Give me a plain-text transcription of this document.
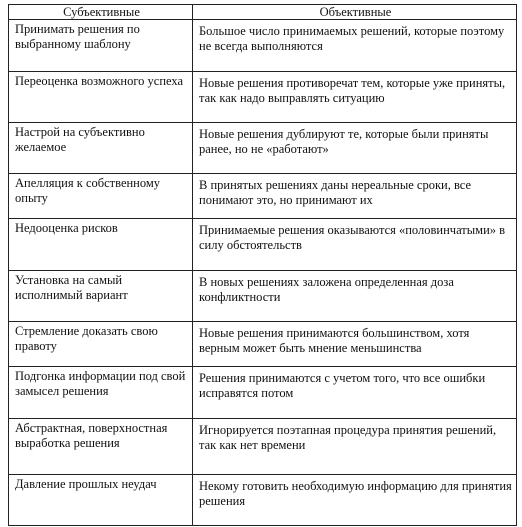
Субъективные	Объективные
Принимать решения по выбранному шаблону	Большое число принимаемых решений, которые поэтому не всегда выполняются
Переоценка возможного успеха	Новые решения противоречат тем, которые уже приняты, так как надо выправлять ситуацию
Настрой на субъективно желаемое	Новые решения дублируют те, которые были приняты ранее, но не «работают»
Апелляция к собственному опыту	В принятых решениях даны нереальные сроки, все понимают это, но принимают их
Недооценка рисков	Принимаемые решения оказываются «половинчатыми» в силу обстоятельств
Установка на самый исполнимый вариант	В новых решениях заложена определенная доза конфликтности
Стремление доказать свою правоту	Новые решения принимаются большинством, хотя верным может быть мнение меньшинства
Подгонка информации под свой замысел решения	Решения принимаются с учетом того, что все ошибки исправятся потом
Абстрактная, поверхностная выработка решения	Игнорируется поэтапная процедура принятия решений, так как нет времени
Давление прошлых неудач	Некому готовить необходимую информацию для принятия решения
